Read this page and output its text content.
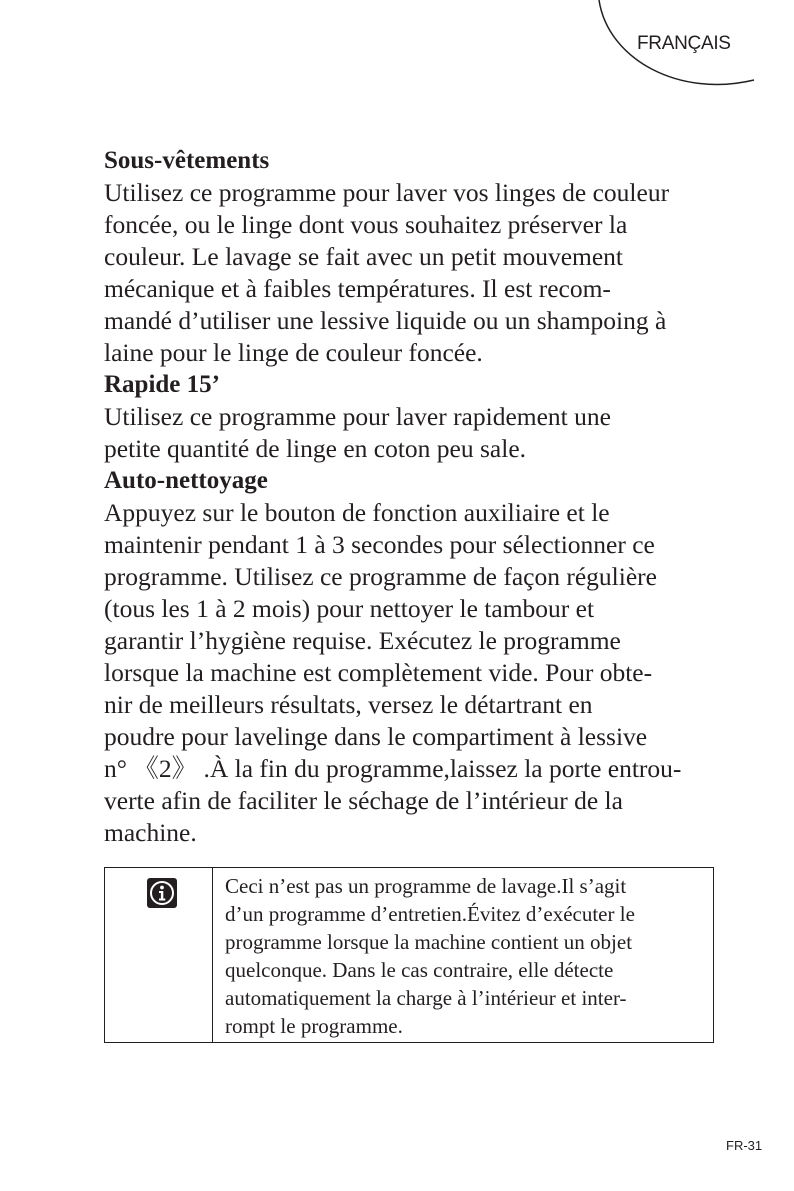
FRANÇAIS
Sous-vêtements

Utilisez ce programme pour laver vos linges de couleur
foncée, ou le linge dont vous souhaitez préserver la
couleur. Le lavage se fait avec un petit mouvement
mécanique et à faibles températures. Il est recom-
mandé d’utiliser une lessive liquide ou un shampoing à
laine pour le linge de couleur foncée.

Rapide 15’

Utilisez ce programme pour laver rapidement une
petite quantité de linge en coton peu sale.

Auto-nettoyage

Appuyez sur le bouton de fonction auxiliaire et le
maintenir pendant 1 à 3 secondes pour sélectionner ce
programme. Utilisez ce programme de façon régulière
(tous les 1 à 2 mois) pour nettoyer le tambour et
garantir l’hygiène requise. Exécutez le programme
lorsque la machine est complètement vide. Pour obte-
nir de meilleurs résultats, versez le détartrant en
poudre pour lavelinge dans le compartiment à lessive
n° 《2》 .À la fin du programme,laissez la porte entrou-
verte afin de faciliter le séchage de l’intérieur de la
machine.

Ceci n’est pas un programme de lavage.Il s’agit
d’un programme d’entretien.Évitez d’exécuter le
programme lorsque la machine contient un objet
quelconque. Dans le cas contraire, elle détecte
automatiquement la charge à l’intérieur et inter-
rompt le programme.

FR-31
